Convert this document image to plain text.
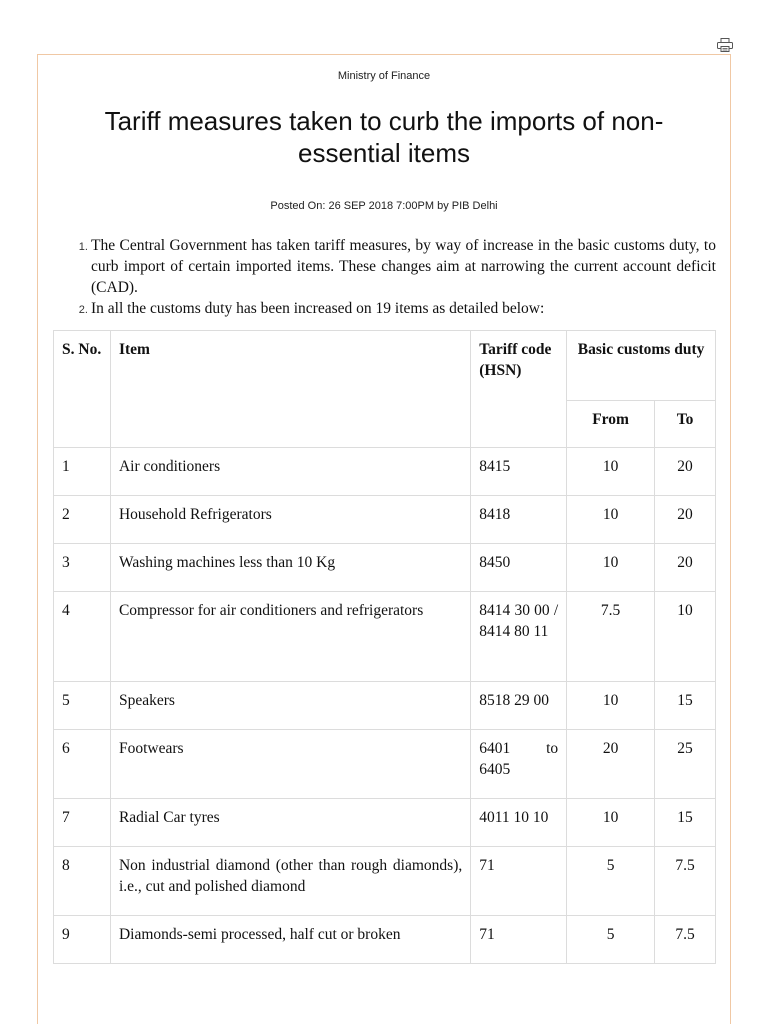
Ministry of Finance
Tariff measures taken to curb the imports of non-essential items
Posted On: 26 SEP 2018 7:00PM by PIB Delhi
1. The Central Government has taken tariff measures, by way of increase in the basic customs duty, to curb import of certain imported items. These changes aim at narrowing the current account deficit (CAD).
2. In all the customs duty has been increased on 19 items as detailed below:
S. No.	Item	Tariff code (HSN)	Basic customs duty	
			From	To
1	Air conditioners	8415	10	20
2	Household Refrigerators	8418	10	20
3	Washing machines less than 10 Kg	8450	10	20
4	Compressor for air conditioners and refrigerators	8414 30 00 / 8414 80 11	7.5	10
5	Speakers	8518 29 00	10	15
6	Footwears	6401 to 6405	20	25
7	Radial Car tyres	4011 10 10	10	15
8	Non industrial diamond (other than rough diamonds), i.e., cut and polished diamond	71	5	7.5
9	Diamonds-semi processed, half cut or broken	71	5	7.5
